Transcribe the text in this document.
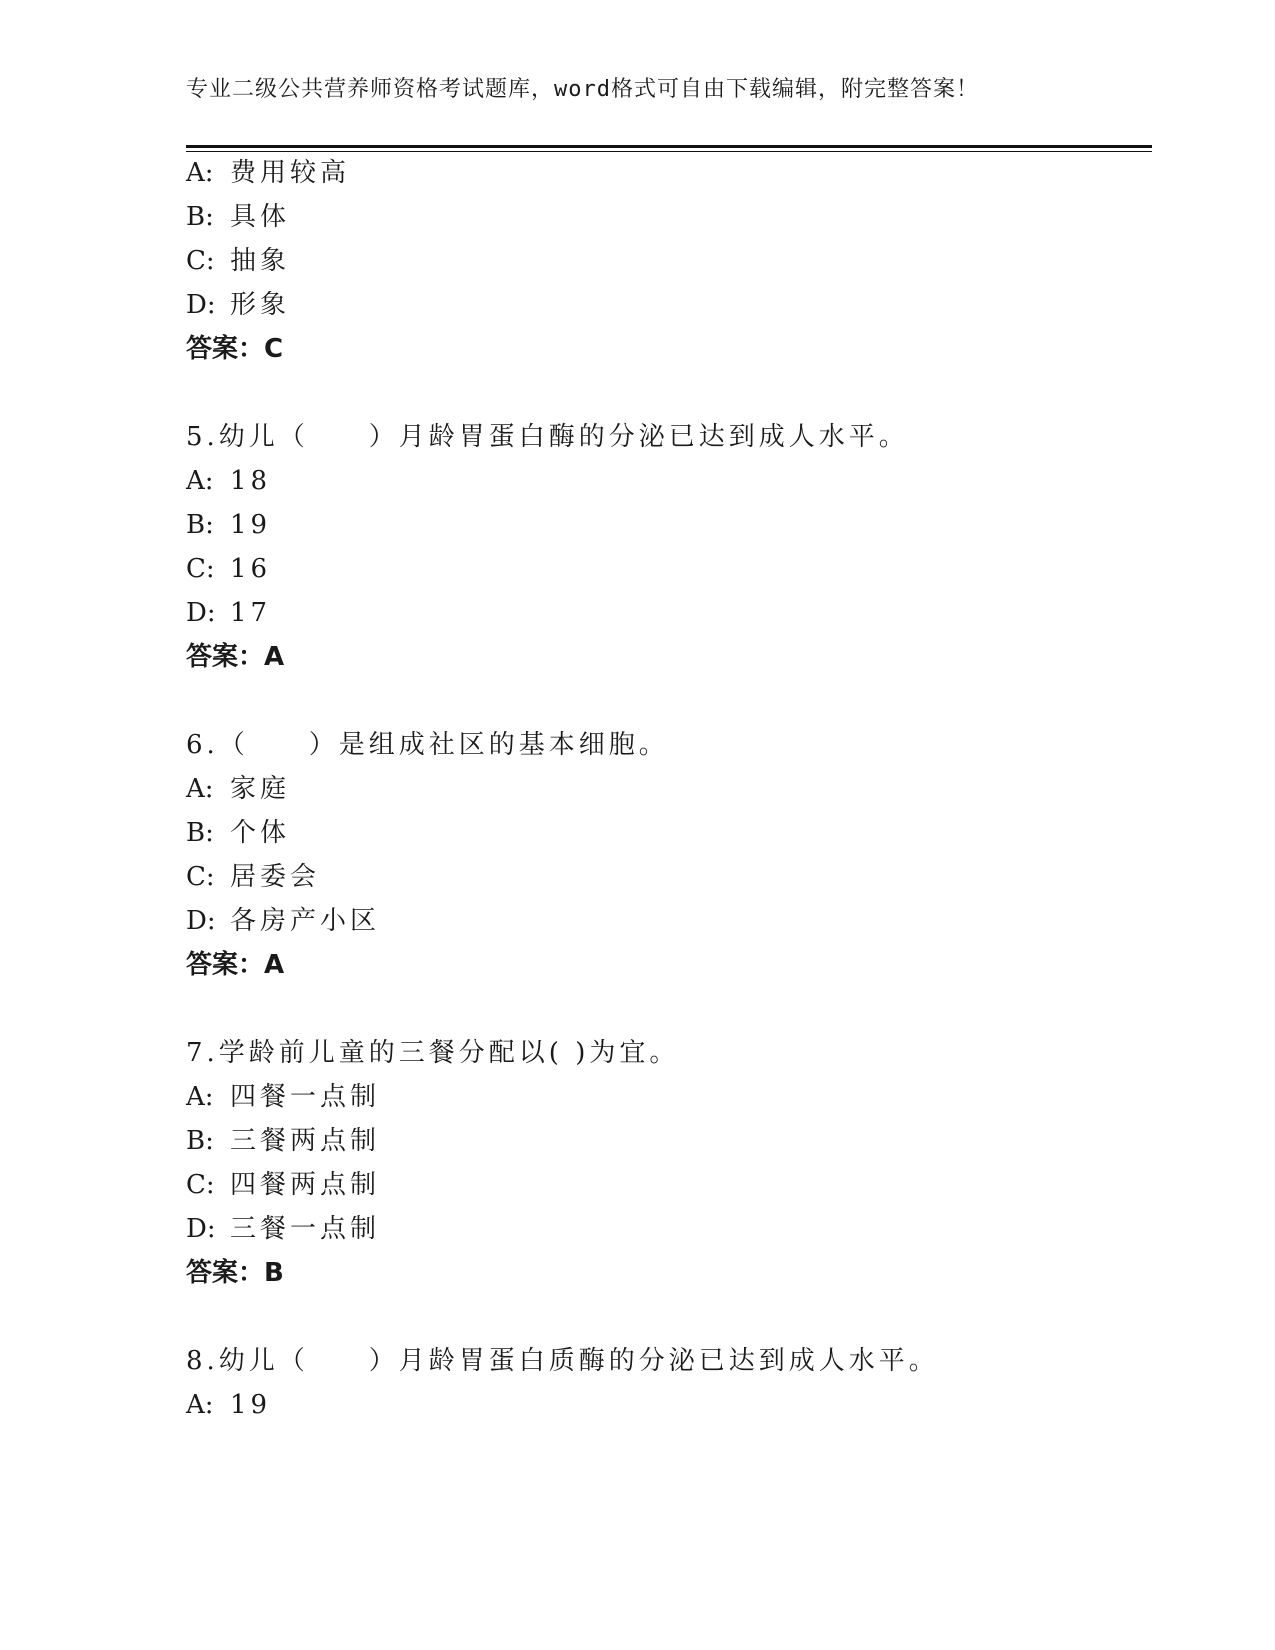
专业二级公共营养师资格考试题库，word格式可自由下载编辑，附完整答案！
A: 费用较高
B: 具体
C: 抽象
D: 形象
答案：C
5.幼儿（　　）月龄胃蛋白酶的分泌已达到成人水平。
A: 18
B: 19
C: 16
D: 17
答案：A
6.（　　）是组成社区的基本细胞。
A: 家庭
B: 个体
C: 居委会
D: 各房产小区
答案：A
7.学龄前儿童的三餐分配以( )为宜。
A: 四餐一点制
B: 三餐两点制
C: 四餐两点制
D: 三餐一点制
答案：B
8.幼儿（　　）月龄胃蛋白质酶的分泌已达到成人水平。
A: 19
